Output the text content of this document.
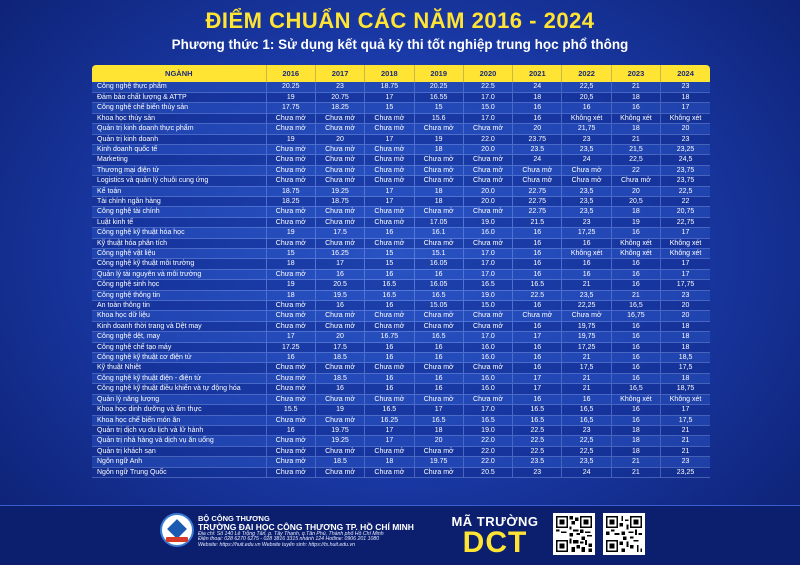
ĐIỂM CHUẨN CÁC NĂM 2016 - 2024
Phương thức 1: Sử dụng kết quả kỳ thi tốt nghiệp trung học phổ thông
NGÀNH	2016	2017	2018	2019	2020	2021	2022	2023	2024
Công nghệ thực phẩm	20.25	23	18.75	20.25	22.5	24	22,5	21	23
Đảm bảo chất lượng & ATTP	19	20.75	17	16.55	17.0	18	20,5	18	18
Công nghệ chế biến thủy sản	17.75	18.25	15	15	15.0	16	16	16	17
Khoa học thủy sản	Chưa mở	Chưa mở	Chưa mở	15.6	17.0	16	Không xét	Không xét	Không xét
Quản trị kinh doanh thực phẩm	Chưa mở	Chưa mở	Chưa mở	Chưa mở	Chưa mở	20	21,75	18	20
Quản trị kinh doanh	19	20	17	19	22.0	23.75	23	21	23
Kinh doanh quốc tế	Chưa mở	Chưa mở	Chưa mở	18	20.0	23.5	23,5	21,5	23,25
Marketing	Chưa mở	Chưa mở	Chưa mở	Chưa mở	Chưa mở	24	24	22,5	24,5
Thương mại điện tử	Chưa mở	Chưa mở	Chưa mở	Chưa mở	Chưa mở	Chưa mở	Chưa mở	22	23,75
Logistics và quản lý chuỗi cung ứng	Chưa mở	Chưa mở	Chưa mở	Chưa mở	Chưa mở	Chưa mở	Chưa mở	Chưa mở	23,75
Kế toán	18.75	19.25	17	18	20.0	22.75	23,5	20	22,5
Tài chính ngân hàng	18.25	18.75	17	18	20.0	22.75	23,5	20,5	22
Công nghệ tài chính	Chưa mở	Chưa mở	Chưa mở	Chưa mở	Chưa mở	22.75	23,5	18	20,75
Luật kinh tế	Chưa mở	Chưa mở	Chưa mở	17.05	19.0	21.5	23	19	22,75
Công nghệ kỹ thuật hóa học	19	17.5	16	16.1	16.0	16	17,25	16	17
Kỹ thuật hóa phân tích	Chưa mở	Chưa mở	Chưa mở	Chưa mở	Chưa mở	16	16	Không xét	Không xét
Công nghệ vật liệu	15	16.25	15	15.1	17.0	16	Không xét	Không xét	Không xét
Công nghệ kỹ thuật môi trường	18	17	15	16.05	17.0	16	16	16	17
Quản lý tài nguyên và môi trường	Chưa mở	16	16	16	17.0	16	16	16	17
Công nghệ sinh học	19	20.5	16.5	16.05	16.5	16.5	21	16	17,75
Công nghệ thông tin	18	19.5	16.5	16.5	19.0	22.5	23,5	21	23
An toàn thông tin	Chưa mở	16	16	15.05	15.0	16	22,25	16,5	20
Khoa học dữ liệu	Chưa mở	Chưa mở	Chưa mở	Chưa mở	Chưa mở	Chưa mở	Chưa mở	16,75	20
Kinh doanh thời trang và Dệt may	Chưa mở	Chưa mở	Chưa mở	Chưa mở	Chưa mở	16	19,75	16	18
Công nghệ dệt, may	17	20	16.75	16.5	17.0	17	19,75	16	18
Công nghệ chế tạo máy	17.25	17.5	16	16	16.0	16	17,25	16	18
Công nghệ kỹ thuật cơ điện tử	16	18.5	16	16	16.0	16	21	16	18,5
Kỹ thuật Nhiệt	Chưa mở	Chưa mở	Chưa mở	Chưa mở	Chưa mở	16	17,5	16	17,5
Công nghệ kỹ thuật điện - điện tử	Chưa mở	18.5	16	16	16.0	17	21	16	18
Công nghệ kỹ thuật điều khiển và tự động hóa	Chưa mở	16	16	16	16.0	17	21	16,5	18,75
Quản lý năng lượng	Chưa mở	Chưa mở	Chưa mở	Chưa mở	Chưa mở	16	16	Không xét	Không xét
Khoa học dinh dưỡng và ẩm thực	15.5	19	16.5	17	17.0	16.5	16,5	16	17
Khoa học chế biến món ăn	Chưa mở	Chưa mở	16.25	16.5	16.5	16.5	16,5	16	17,5
Quản trị dịch vụ du lịch và lữ hành	16	19.75	17	18	19.0	22.5	23	18	21
Quản trị nhà hàng và dịch vụ ăn uống	Chưa mở	19.25	17	20	22.0	22.5	22,5	18	21
Quản trị khách sạn	Chưa mở	Chưa mở	Chưa mở	Chưa mở	22.0	22.5	22,5	18	21
Ngôn ngữ Anh	Chưa mở	18.5	18	19.75	22.0	23.5	23,5	21	23
Ngôn ngữ Trung Quốc	Chưa mở	Chưa mở	Chưa mở	Chưa mở	20.5	23	24	21	23,25
BỘ CÔNG THƯƠNG
TRƯỜNG ĐẠI HỌC CÔNG THƯƠNG TP. HỒ CHÍ MINH
Địa chỉ: Số 140 Lê Trọng Tấn, p. Tây Thạnh, q.Tân Phú, Thành phố Hồ Chí Minh
Điện thoại: 028 6270 6275 - 028 3816 3315 nhánh 124 Hotline: 0906 201 1080
Website: https://huit.edu.vn Website tuyển sinh: https://ts.huit.edu.vn
MÃ TRƯỜNG
DCT
